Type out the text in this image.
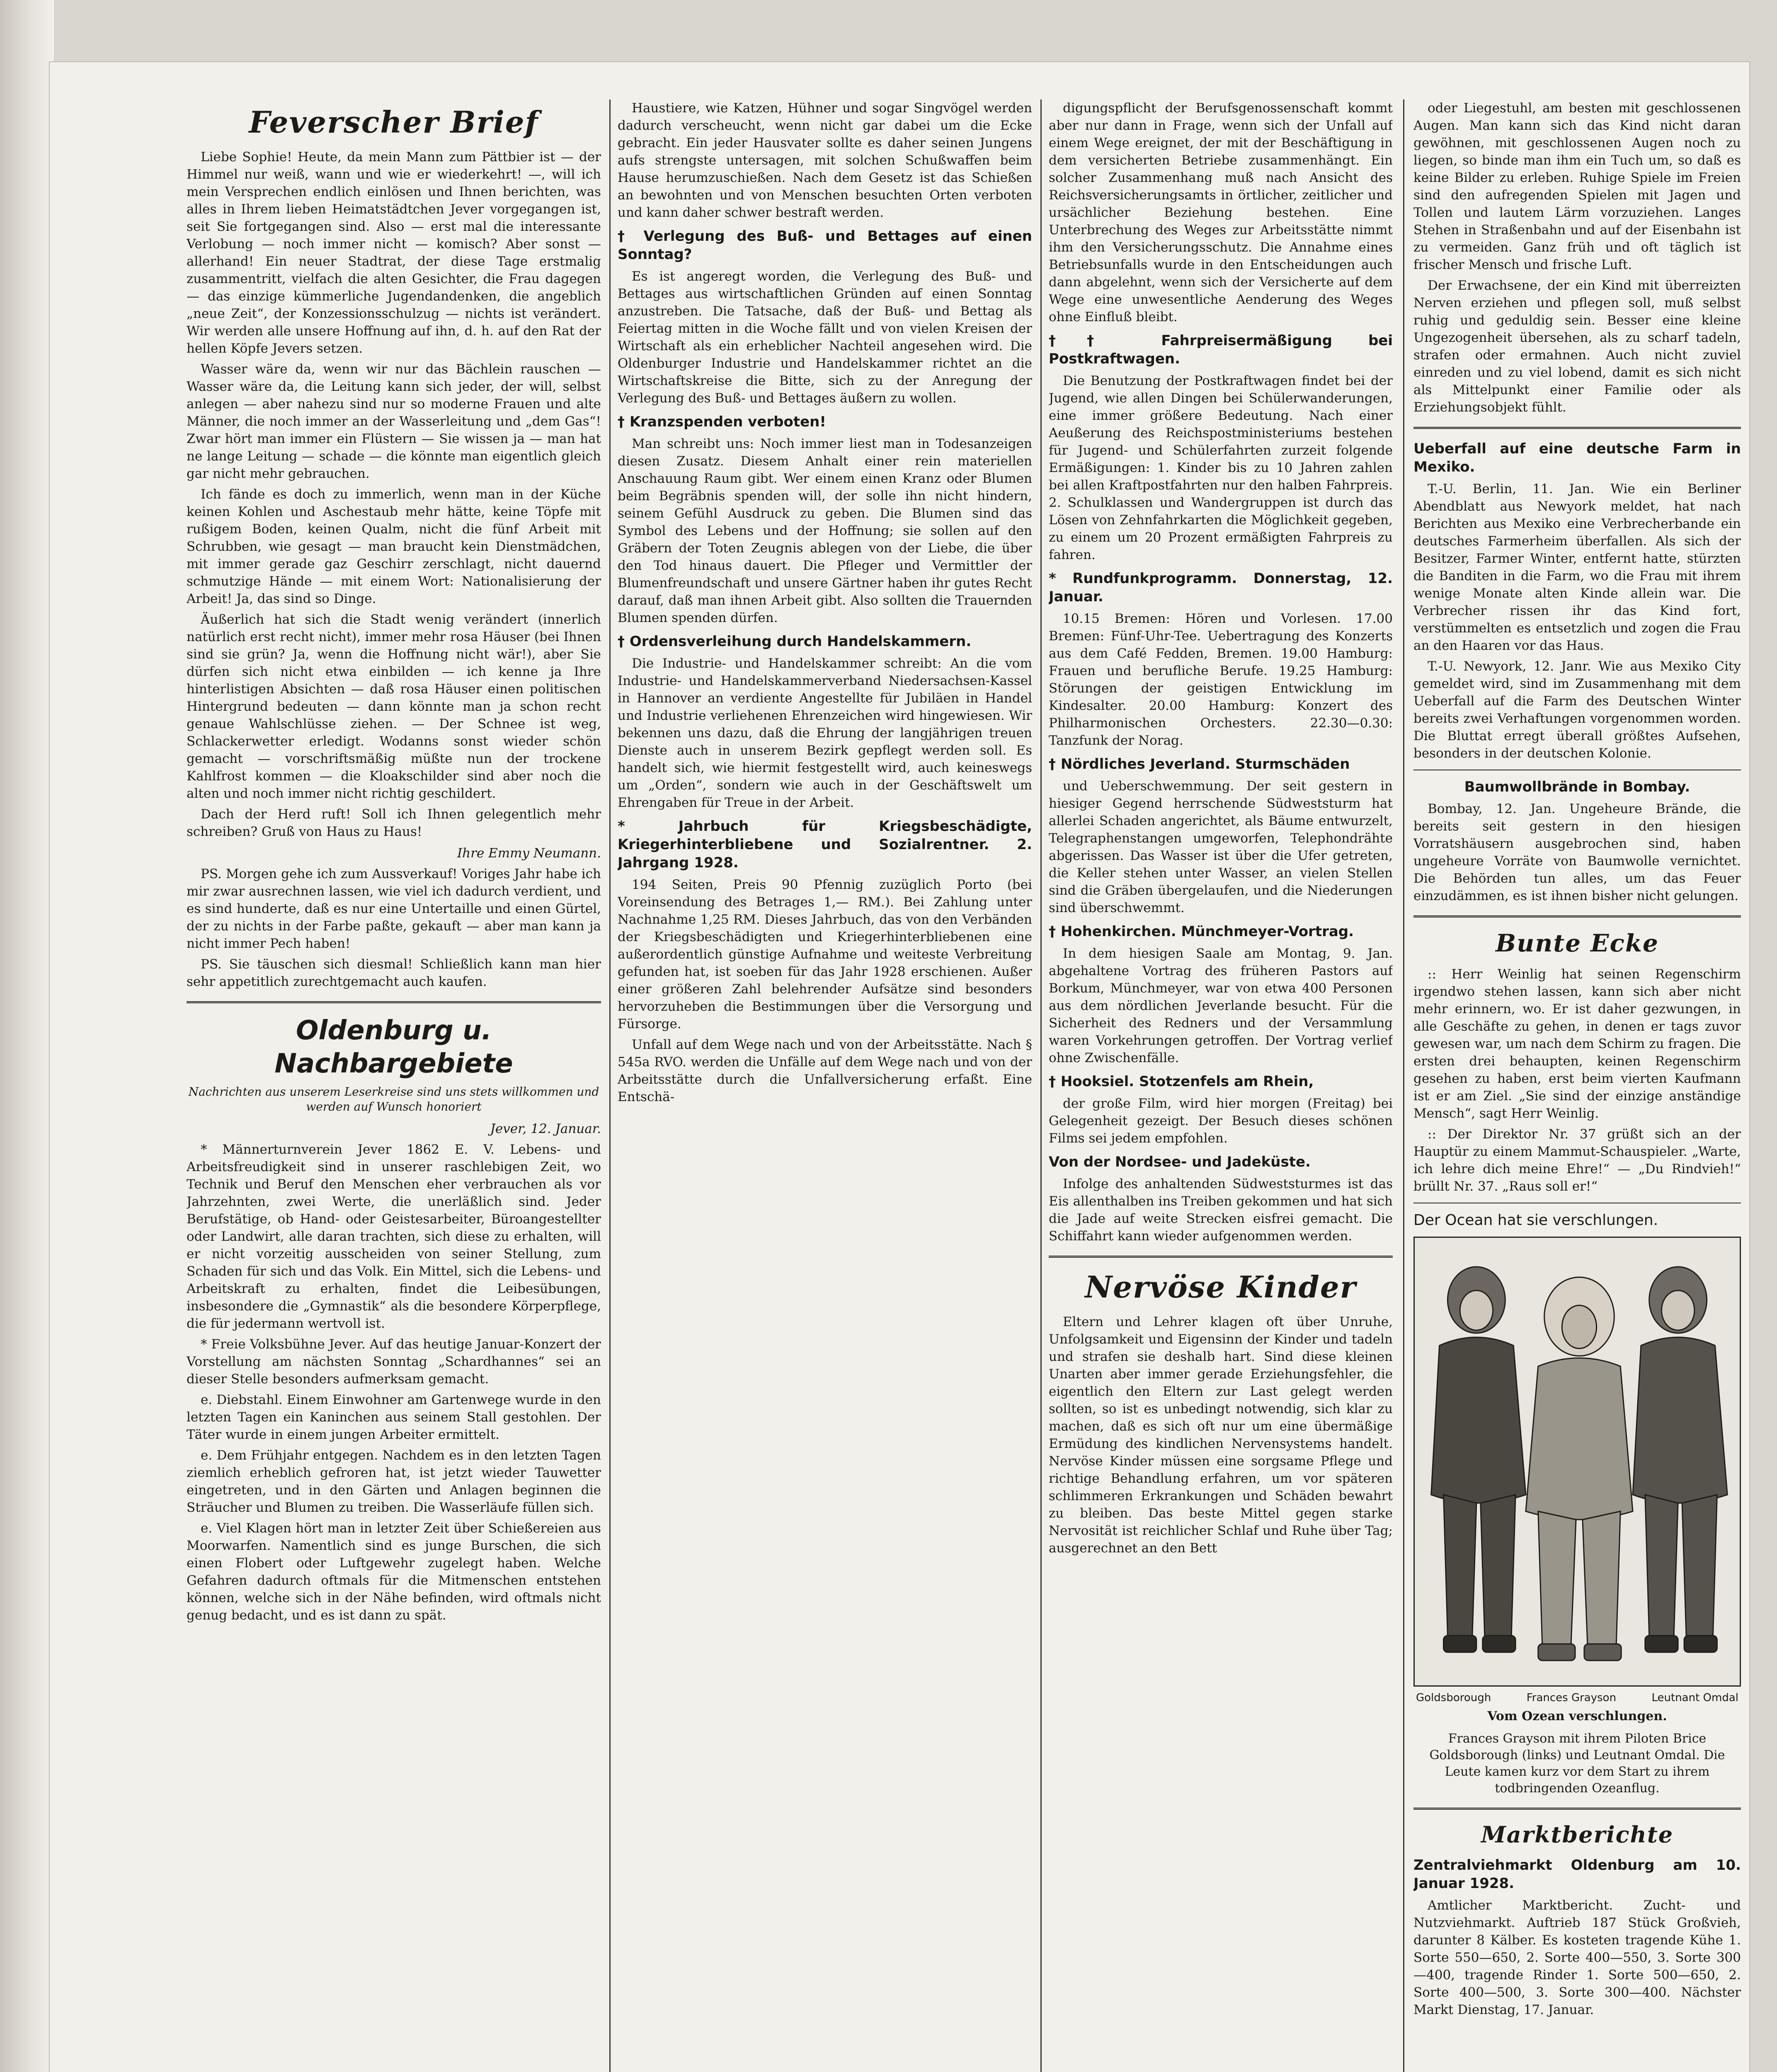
Feverscher Brief

Liebe Sophie! Heute, da mein Mann zum Pättbier ist — der Himmel nur weiß, wann und wie er wiederkehrt! —, will ich mein Versprechen endlich einlösen und Ihnen berichten, was alles in Ihrem lieben Heimatstädtchen Jever vorgegangen ist, seit Sie fortgegangen sind. Also — erst mal die interessante Verlobung — noch immer nicht — komisch? Aber sonst — allerhand! Ein neuer Stadtrat, der diese Tage erstmalig zusammentritt, vielfach die alten Gesichter, die Frau dagegen — das einzige kümmerliche Jugendandenken, die angeblich „neue Zeit“, der Konzessionsschulzug — nichts ist verändert. Wir werden alle unsere Hoffnung auf ihn, d. h. auf den Rat der hellen Köpfe Jevers setzen.

Wasser wäre da, wenn wir nur das Bächlein rauschen — Wasser wäre da, die Leitung kann sich jeder, der will, selbst anlegen — aber nahezu sind nur so moderne Frauen und alte Männer, die noch immer an der Wasserleitung und „dem Gas“! Zwar hört man immer ein Flüstern — Sie wissen ja — man hat ne lange Leitung — schade — die könnte man eigentlich gleich gar nicht mehr gebrauchen.

Ich fände es doch zu immerlich, wenn man in der Küche keinen Kohlen und Aschestaub mehr hätte, keine Töpfe mit rußigem Boden, keinen Qualm, nicht die fünf Arbeit mit Schrubben, wie gesagt — man braucht kein Dienstmädchen, mit immer gerade gaz Geschirr zerschlagt, nicht dauernd schmutzige Hände — mit einem Wort: Nationalisierung der Arbeit! Ja, das sind so Dinge.

Äußerlich hat sich die Stadt wenig verändert (innerlich natürlich erst recht nicht), immer mehr rosa Häuser (bei Ihnen sind sie grün? Ja, wenn die Hoffnung nicht wär!), aber Sie dürfen sich nicht etwa einbilden — ich kenne ja Ihre hinterlistigen Absichten — daß rosa Häuser einen politischen Hintergrund bedeuten — dann könnte man ja schon recht genaue Wahlschlüsse ziehen. — Der Schnee ist weg, Schlackerwetter erledigt. Wodanns sonst wieder schön gemacht — vorschriftsmäßig müßte nun der trockene Kahlfrost kommen — die Kloakschilder sind aber noch die alten und noch immer nicht richtig geschildert.

Dach der Herd ruft! Soll ich Ihnen gelegentlich mehr schreiben? Gruß von Haus zu Haus!

Ihre Emmy Neumann.

PS. Morgen gehe ich zum Aussverkauf! Voriges Jahr habe ich mir zwar ausrechnen lassen, wie viel ich dadurch verdient, und es sind hunderte, daß es nur eine Untertaille und einen Gürtel, der zu nichts in der Farbe paßte, gekauft — aber man kann ja nicht immer Pech haben!

PS. Sie täuschen sich diesmal! Schließlich kann man hier sehr appetitlich zurechtgemacht auch kaufen.

Oldenburg u. Nachbargebiete
Nachrichten aus unserem Leserkreise sind uns stets willkommen und werden auf Wunsch honoriert
Jever, 12. Januar.

* Männerturnverein Jever 1862 E. V. Lebens- und Arbeitsfreudigkeit sind in unserer raschlebigen Zeit, wo Technik und Beruf den Menschen eher verbrauchen als vor Jahrzehnten, zwei Werte, die unerläßlich sind. Jeder Berufstätige, ob Hand- oder Geistesarbeiter, Büroangestellter oder Landwirt, alle daran trachten, sich diese zu erhalten, will er nicht vorzeitig ausscheiden von seiner Stellung, zum Schaden für sich und das Volk. Ein Mittel, sich die Lebens- und Arbeitskraft zu erhalten, findet die Leibesübungen, insbesondere die „Gymnastik“ als die besondere Körperpflege, die für jedermann wertvoll ist.

* Freie Volksbühne Jever. Auf das heutige Januar-Konzert der Vorstellung am nächsten Sonntag „Schardhannes“ sei an dieser Stelle besonders aufmerksam gemacht.

e. Diebstahl. Einem Einwohner am Gartenwege wurde in den letzten Tagen ein Kaninchen aus seinem Stall gestohlen. Der Täter wurde in einem jungen Arbeiter ermittelt.

e. Dem Frühjahr entgegen. Nachdem es in den letzten Tagen ziemlich erheblich gefroren hat, ist jetzt wieder Tauwetter eingetreten, und in den Gärten und Anlagen beginnen die Sträucher und Blumen zu treiben. Die Wasserläufe füllen sich.

e. Viel Klagen hört man in letzter Zeit über Schießereien aus Moorwarfen. Namentlich sind es junge Burschen, die sich einen Flobert oder Luftgewehr zugelegt haben. Welche Gefahren dadurch oftmals für die Mitmenschen entstehen können, welche sich in der Nähe befinden, wird oftmals nicht genug bedacht, und es ist dann zu spät.

Haustiere, wie Katzen, Hühner und sogar Singvögel werden dadurch verscheucht, wenn nicht gar dabei um die Ecke gebracht. Ein jeder Hausvater sollte es daher seinen Jungens aufs strengste untersagen, mit solchen Schußwaffen beim Hause herumzuschießen. Nach dem Gesetz ist das Schießen an bewohnten und von Menschen besuchten Orten verboten und kann daher schwer bestraft werden.

† Verlegung des Buß- und Bettages auf einen Sonntag?

Es ist angeregt worden, die Verlegung des Buß- und Bettages aus wirtschaftlichen Gründen auf einen Sonntag anzustreben. Die Tatsache, daß der Buß- und Bettag als Feiertag mitten in die Woche fällt und von vielen Kreisen der Wirtschaft als ein erheblicher Nachteil angesehen wird. Die Oldenburger Industrie und Handelskammer richtet an die Wirtschaftskreise die Bitte, sich zu der Anregung der Verlegung des Buß- und Bettages äußern zu wollen.

† Kranzspenden verboten!

Man schreibt uns: Noch immer liest man in Todesanzeigen diesen Zusatz. Diesem Anhalt einer rein materiellen Anschauung Raum gibt. Wer einem einen Kranz oder Blumen beim Begräbnis spenden will, der solle ihn nicht hindern, seinem Gefühl Ausdruck zu geben. Die Blumen sind das Symbol des Lebens und der Hoffnung; sie sollen auf den Gräbern der Toten Zeugnis ablegen von der Liebe, die über den Tod hinaus dauert. Die Pfleger und Vermittler der Blumenfreundschaft und unsere Gärtner haben ihr gutes Recht darauf, daß man ihnen Arbeit gibt. Also sollten die Trauernden Blumen spenden dürfen.

† Ordensverleihung durch Handelskammern.

Die Industrie- und Handelskammer schreibt: An die vom Industrie- und Handelskammerverband Niedersachsen-Kassel in Hannover an verdiente Angestellte für Jubiläen in Handel und Industrie verliehenen Ehrenzeichen wird hingewiesen. Wir bekennen uns dazu, daß die Ehrung der langjährigen treuen Dienste auch in unserem Bezirk gepflegt werden soll. Es handelt sich, wie hiermit festgestellt wird, auch keineswegs um „Orden“, sondern wie auch in der Geschäftswelt um Ehrengaben für Treue in der Arbeit.

* Jahrbuch für Kriegsbeschädigte, Kriegerhinterbliebene und Sozialrentner. 2. Jahrgang 1928.

194 Seiten, Preis 90 Pfennig zuzüglich Porto (bei Voreinsendung des Betrages 1,— RM.). Bei Zahlung unter Nachnahme 1,25 RM. Dieses Jahrbuch, das von den Verbänden der Kriegsbeschädigten und Kriegerhinterbliebenen eine außerordentlich günstige Aufnahme und weiteste Verbreitung gefunden hat, ist soeben für das Jahr 1928 erschienen. Außer einer größeren Zahl belehrender Aufsätze sind besonders hervorzuheben die Bestimmungen über die Versorgung und Fürsorge.

Unfall auf dem Wege nach und von der Arbeitsstätte. Nach § 545a RVO. werden die Unfälle auf dem Wege nach und von der Arbeitsstätte durch die Unfallversicherung erfaßt. Eine Entschä-

digungspflicht der Berufsgenossenschaft kommt aber nur dann in Frage, wenn sich der Unfall auf einem Wege ereignet, der mit der Beschäftigung in dem versicherten Betriebe zusammenhängt. Ein solcher Zusammenhang muß nach Ansicht des Reichsversicherungsamts in örtlicher, zeitlicher und ursächlicher Beziehung bestehen. Eine Unterbrechung des Weges zur Arbeitsstätte nimmt ihm den Versicherungsschutz. Die Annahme eines Betriebsunfalls wurde in den Entscheidungen auch dann abgelehnt, wenn sich der Versicherte auf dem Wege eine unwesentliche Aenderung des Weges ohne Einfluß bleibt.

†† Fahrpreisermäßigung bei Postkraftwagen.

Die Benutzung der Postkraftwagen findet bei der Jugend, wie allen Dingen bei Schülerwanderungen, eine immer größere Bedeutung. Nach einer Aeußerung des Reichspostministeriums bestehen für Jugend- und Schülerfahrten zurzeit folgende Ermäßigungen: 1. Kinder bis zu 10 Jahren zahlen bei allen Kraftpostfahrten nur den halben Fahrpreis. 2. Schulklassen und Wandergruppen ist durch das Lösen von Zehnfahrkarten die Möglichkeit gegeben, zu einem um 20 Prozent ermäßigten Fahrpreis zu fahren.

* Rundfunkprogramm. Donnerstag, 12. Januar.

10.15 Bremen: Hören und Vorlesen. 17.00 Bremen: Fünf-Uhr-Tee. Uebertragung des Konzerts aus dem Café Fedden, Bremen. 19.00 Hamburg: Frauen und berufliche Berufe. 19.25 Hamburg: Störungen der geistigen Entwicklung im Kindesalter. 20.00 Hamburg: Konzert des Philharmonischen Orchesters. 22.30—0.30: Tanzfunk der Norag.

† Nördliches Jeverland. Sturmschäden

und Ueberschwemmung. Der seit gestern in hiesiger Gegend herrschende Südweststurm hat allerlei Schaden angerichtet, als Bäume entwurzelt, Telegraphenstangen umgeworfen, Telephondrähte abgerissen. Das Wasser ist über die Ufer getreten, die Keller stehen unter Wasser, an vielen Stellen sind die Gräben übergelaufen, und die Niederungen sind überschwemmt.

† Hohenkirchen. Münchmeyer-Vortrag.

In dem hiesigen Saale am Montag, 9. Jan. abgehaltene Vortrag des früheren Pastors auf Borkum, Münchmeyer, war von etwa 400 Personen aus dem nördlichen Jeverlande besucht. Für die Sicherheit des Redners und der Versammlung waren Vorkehrungen getroffen. Der Vortrag verlief ohne Zwischenfälle.

† Hooksiel. Stotzenfels am Rhein,

der große Film, wird hier morgen (Freitag) bei Gelegenheit gezeigt. Der Besuch dieses schönen Films sei jedem empfohlen.

Von der Nordsee- und Jadeküste.

Infolge des anhaltenden Südweststurmes ist das Eis allenthalben ins Treiben gekommen und hat sich die Jade auf weite Strecken eisfrei gemacht. Die Schiffahrt kann wieder aufgenommen werden.

Nervöse Kinder

Eltern und Lehrer klagen oft über Unruhe, Unfolgsamkeit und Eigensinn der Kinder und tadeln und strafen sie deshalb hart. Sind diese kleinen Unarten aber immer gerade Erziehungsfehler, die eigentlich den Eltern zur Last gelegt werden sollten, so ist es unbedingt notwendig, sich klar zu machen, daß es sich oft nur um eine übermäßige Ermüdung des kindlichen Nervensystems handelt. Nervöse Kinder müssen eine sorgsame Pflege und richtige Behandlung erfahren, um vor späteren schlimmeren Erkrankungen und Schäden bewahrt zu bleiben. Das beste Mittel gegen starke Nervosität ist reichlicher Schlaf und Ruhe über Tag; ausgerechnet an den Bett

oder Liegestuhl, am besten mit geschlossenen Augen. Man kann sich das Kind nicht daran gewöhnen, mit geschlossenen Augen noch zu liegen, so binde man ihm ein Tuch um, so daß es keine Bilder zu erleben. Ruhige Spiele im Freien sind den aufregenden Spielen mit Jagen und Tollen und lautem Lärm vorzuziehen. Langes Stehen in Straßenbahn und auf der Eisenbahn ist zu vermeiden. Ganz früh und oft täglich ist frischer Mensch und frische Luft.

Der Erwachsene, der ein Kind mit überreizten Nerven erziehen und pflegen soll, muß selbst ruhig und geduldig sein. Besser eine kleine Ungezogenheit übersehen, als zu scharf tadeln, strafen oder ermahnen. Auch nicht zuviel einreden und zu viel lobend, damit es sich nicht als Mittelpunkt einer Familie oder als Erziehungsobjekt fühlt.

Ueberfall auf eine deutsche Farm in Mexiko.

T.-U. Berlin, 11. Jan. Wie ein Berliner Abendblatt aus Newyork meldet, hat nach Berichten aus Mexiko eine Verbrecherbande ein deutsches Farmerheim überfallen. Als sich der Besitzer, Farmer Winter, entfernt hatte, stürzten die Banditen in die Farm, wo die Frau mit ihrem wenige Monate alten Kinde allein war. Die Verbrecher rissen ihr das Kind fort, verstümmelten es entsetzlich und zogen die Frau an den Haaren vor das Haus.

T.-U. Newyork, 12. Janr. Wie aus Mexiko City gemeldet wird, sind im Zusammenhang mit dem Ueberfall auf die Farm des Deutschen Winter bereits zwei Verhaftungen vorgenommen worden. Die Bluttat erregt überall größtes Aufsehen, besonders in der deutschen Kolonie.

Baumwollbrände in Bombay.

Bombay, 12. Jan. Ungeheure Brände, die bereits seit gestern in den hiesigen Vorratshäusern ausgebrochen sind, haben ungeheure Vorräte von Baumwolle vernichtet. Die Behörden tun alles, um das Feuer einzudämmen, es ist ihnen bisher nicht gelungen.

Bunte Ecke

:: Herr Weinlig hat seinen Regenschirm irgendwo stehen lassen, kann sich aber nicht mehr erinnern, wo. Er ist daher gezwungen, in alle Geschäfte zu gehen, in denen er tags zuvor gewesen war, um nach dem Schirm zu fragen. Die ersten drei behaupten, keinen Regenschirm gesehen zu haben, erst beim vierten Kaufmann ist er am Ziel. „Sie sind der einzige anständige Mensch“, sagt Herr Weinlig.

:: Der Direktor Nr. 37 grüßt sich an der Hauptür zu einem Mammut-Schauspieler. „Warte, ich lehre dich meine Ehre!“ — „Du Rindvieh!“ brüllt Nr. 37. „Raus soll er!“

Der Ocean hat sie verschlungen.
Goldsborough	Frances Grayson	Leutnant Omdal
Vom Ozean verschlungen.
Frances Grayson mit ihrem Piloten Brice Goldsborough (links) und Leutnant Omdal. Die Leute kamen kurz vor dem Start zu ihrem todbringenden Ozeanflug.
Marktberichte
Zentralviehmarkt Oldenburg am 10. Januar 1928.

Amtlicher Marktbericht. Zucht- und Nutzviehmarkt. Auftrieb 187 Stück Großvieh, darunter 8 Kälber. Es kosteten tragende Kühe 1. Sorte 550—650, 2. Sorte 400—550, 3. Sorte 300—400, tragende Rinder 1. Sorte 500—650, 2. Sorte 400—500, 3. Sorte 300—400. Nächster Markt Dienstag, 17. Januar.
